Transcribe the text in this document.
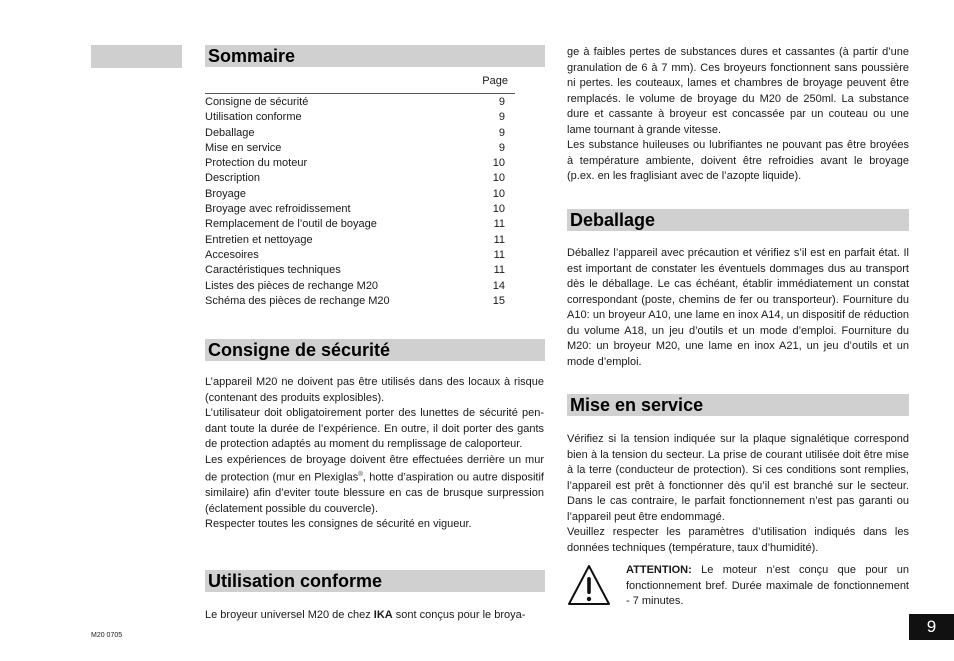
Sommaire
Page
Consigne de sécurité	9
Utilisation conforme	9
Deballage	9
Mise en service	9
Protection du moteur	10
Description	10
Broyage	10
Broyage avec refroidissement	10
Remplacement de l’outil de boyage	11
Entretien et nettoyage	11
Accesoires	11
Caractéristiques techniques	11
Listes des pièces de rechange M20	14
Schéma des pièces de rechange M20	15
Consigne de sécurité

L’appareil M20 ne doivent pas être utilisés dans des locaux à risque (contenant des produits explosibles).

L’utilisateur doit obligatoirement porter des lunettes de sécurité pen-dant toute la durée de l’expérience. En outre, il doit porter des gants de protection adaptés au moment du remplissage de caloporteur.

Les expériences de broyage doivent être effectuées derrière un mur de protection (mur en Plexiglas®, hotte d’aspiration ou autre dispositif similaire) afin d’eviter toute blessure en cas de brusque surpression (éclatement possible du couvercle).

Respecter toutes les consignes de sécurité en vigueur.

Utilisation conforme
Le broyeur universel M20 de chez IKA sont conçus pour le broya-

ge à faibles pertes de substances dures et cassantes (à partir d’une granulation de 6 à 7 mm). Ces broyeurs fonctionnent sans poussière ni pertes. les couteaux, lames et chambres de broyage peuvent être remplacés. le volume de broyage du M20 de 250ml. La substance dure et cassante à broyeur est concassée par un couteau ou une lame tournant à grande vitesse.

Les substance huileuses ou lubrifiantes ne pouvant pas être broyées à température ambiente, doivent être refroidies avant le broyage (p.ex. en les fraglisiant avec de l’azopte liquide).

Deballage

Déballez l’appareil avec précaution et vérifiez s’il est en parfait état. Il est important de constater les éventuels dommages dus au transport dès le déballage. Le cas échéant, établir immédiatement un constat correspondant (poste, chemins de fer ou transporteur). Fourniture du A10: un broyeur A10, une lame en inox A14, un dispositif de réduction du volume A18, un jeu d’outils et un mode d’emploi. Fourniture du M20: un broyeur M20, une lame en inox A21, un jeu d’outils et un mode d’emploi.

Mise en service

Vérifiez si la tension indiquée sur la plaque signalétique correspond bien à la tension du secteur. La prise de courant utilisée doit être mise à la terre (conducteur de protection). Si ces conditions sont remplies, l’appareil est prêt à fonctionner dès qu’il est branché sur le secteur. Dans le cas contraire, le parfait fonctionnement n’est pas garanti ou l’appareil peut être endommagé.

Veuillez respecter les paramètres d’utilisation indiqués dans les données techniques (température, taux d’humidité).

ATTENTION: Le moteur n’est conçu que pour un fonctionnement bref. Durée maximale de fonctionnement - 7 minutes.

M20 0705	9
